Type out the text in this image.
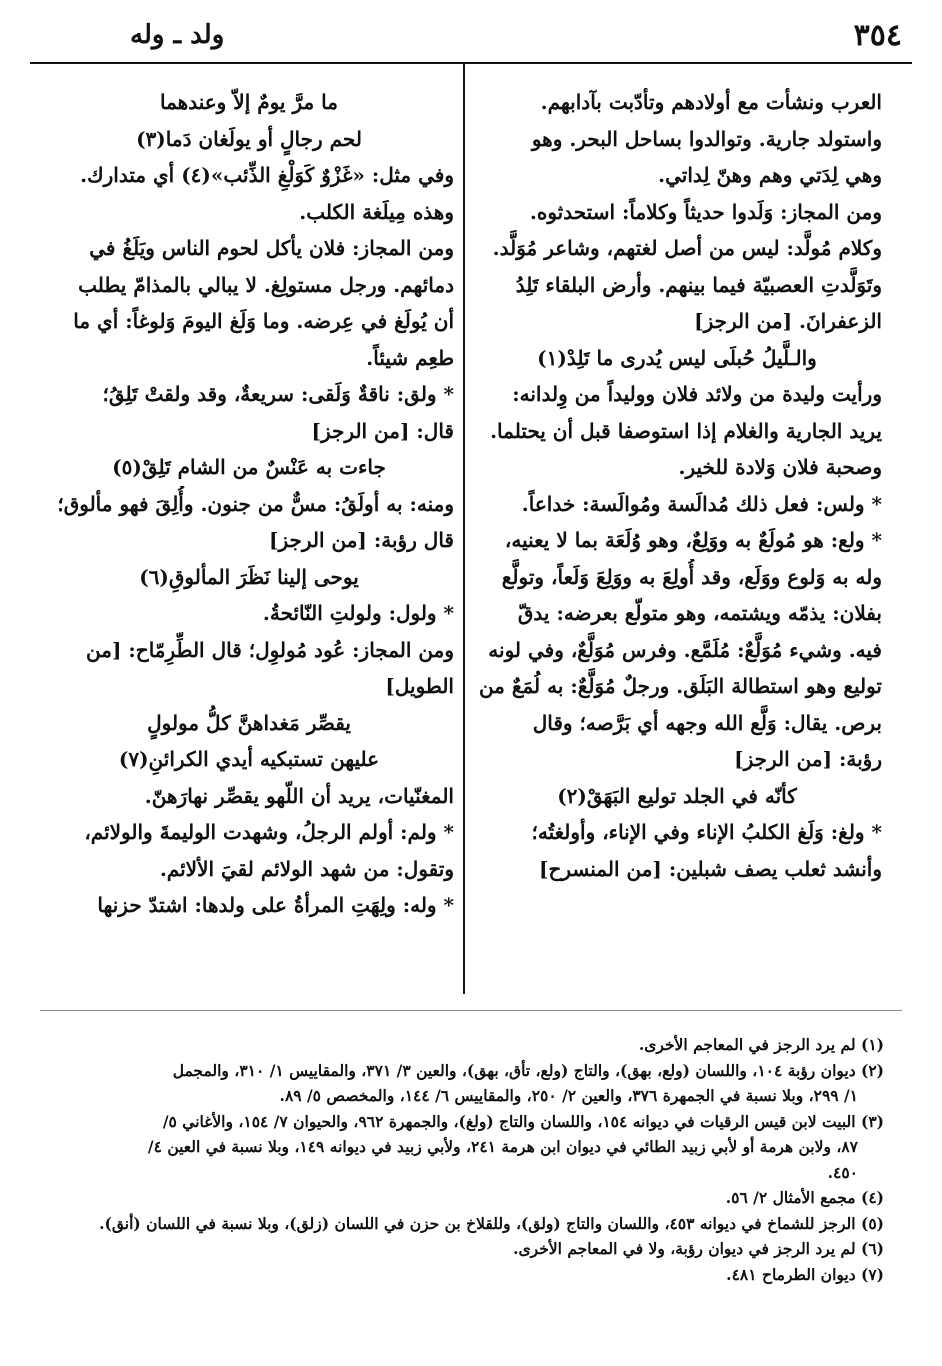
٣٥٤
ولد ـ وله
العرب ونشأت مع أولادهم وتأدّبت بآدابهم.
واستولد جارية. وتوالدوا بساحل البحر. وهو
وهي لِدَتي وهم وهنّ لِداتي.
ومن المجاز: وَلَدوا حديثاً وكلاماً: استحدثوه.
وكلام مُولَّد: ليس من أصل لغتهم، وشاعر مُوَلَّد.
وتَوَلَّدتِ العصبيّة فيما بينهم. وأرض البلقاء تَلِدُ
الزعفرانَ. [من الرجز]
والـلَّيلُ حُبلَى ليس يُدرى ما تَلِدْ(١)
ورأيت وليدة من ولائد فلان ووليداً من وِلدانه:
يريد الجارية والغلام إذا استوصفا قبل أن يحتلما.
وصحبة فلان وَلادة للخير.
* ولس: فعل ذلك مُدالَسة ومُوالَسة: خداعاً.
* ولع: هو مُولَعٌ به ووَلِعٌ، وهو وُلَعَة بما لا يعنيه،
وله به وَلوع ووَلَع، وقد أُولِعَ به ووَلِعَ وَلَعاً، وتولَّع
بفلان: يذمّه ويشتمه، وهو متولّع بعرضه: يدقّ
فيه. وشيء مُوَلَّعٌ: مُلَمَّع. وفرس مُوَلَّعٌ، وفي لونه
توليع وهو استطالة البَلَق. ورجلٌ مُوَلَّعٌ: به لُمَعٌ من
برص. يقال: وَلَّع الله وجهه أي بَرَّصه؛ وقال
رؤبة: [من الرجز]
كأنّه في الجلد توليع البَهَقْ(٢)
* ولغ: وَلَغ الكلبُ الإناء وفي الإناء، وأولغتُه؛
وأنشد ثعلب يصف شبلين: [من المنسرح]
ما مرَّ يومٌ إلاّ وعندهما
لحم رجالٍ أو يولَغان دَما(٣)
وفي مثل: «غَزْوٌ كَوَلْغِ الذِّئب»(٤) أي متدارك.
وهذه مِيلَغة الكلب.
ومن المجاز: فلان يأكل لحوم الناس ويَلَغُ في
دمائهم. ورجل مستولِغ. لا يبالي بالمذامّ يطلب
أن يُولَغ في عِرضه. وما وَلَغ اليومَ وَلوغاً: أي ما
طعِم شيئاً.
* ولق: ناقةٌ وَلَقى: سريعةٌ، وقد ولقتْ تَلِقُ؛
قال: [من الرجز]
جاءت به عَنْسٌ من الشام تَلِقْ(٥)
ومنه: به أولَقُ: مسٌّ من جنون. وأُلِقَ فهو مألوق؛
قال رؤبة: [من الرجز]
يوحى إلينا نَظَرَ المألوقِ(٦)
* ولول: ولولتِ النّائحةُ.
ومن المجاز: عُود مُولوِل؛ قال الطِّرِمّاح: [من
الطويل]
يقصِّر مَغداهنَّ كلُّ مولولٍ
عليهن تستبكيه أيدي الكرائنِ(٧)
المغنّيات، يريد أن اللّهو يقصِّر نهارَهنّ.
* ولم: أولم الرجلُ، وشهدت الوليمةَ والولائم،
وتقول: من شهد الولائم لقيَ الألائم.
* وله: ولِهَتِ المرأةُ على ولدها: اشتدّ حزنها
(١) لم يرد الرجز في المعاجم الأخرى.
(٢) ديوان رؤبة ١٠٤، واللسان (ولع، بهق)، والتاج (ولع، تأق، بهق)، والعين ٣/ ٣٧١، والمقاييس ١/ ٣١٠، والمجمل
١/ ٢٩٩، وبلا نسبة في الجمهرة ٣٧٦، والعين ٢/ ٢٥٠، والمقاييس ٦/ ١٤٤، والمخصص ٥/ ٨٩.
(٣) البيت لابن قيس الرقيات في ديوانه ١٥٤، واللسان والتاج (ولغ)، والجمهرة ٩٦٢، والحيوان ٧/ ١٥٤، والأغاني ٥/
٨٧، ولابن هرمة أو لأبي زبيد الطائي في ديوان ابن هرمة ٢٤١، ولأبي زبيد في ديوانه ١٤٩، وبلا نسبة في العين ٤/
٤٥٠.
(٤) مجمع الأمثال ٢/ ٥٦.
(٥) الرجز للشماخ في ديوانه ٤٥٣، واللسان والتاج (ولق)، وللقلاخ بن حزن في اللسان (زلق)، وبلا نسبة في اللسان (أنق).
(٦) لم يرد الرجز في ديوان رؤبة، ولا في المعاجم الأخرى.
(٧) ديوان الطرماح ٤٨١.
